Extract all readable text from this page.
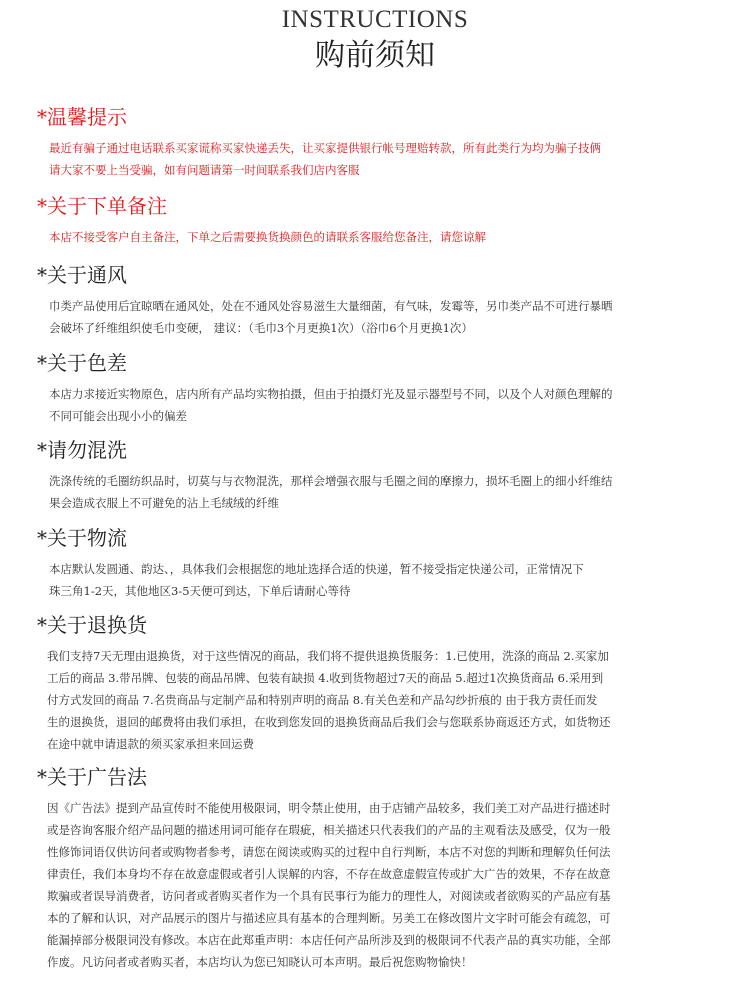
INSTRUCTIONS
购前须知
*温馨提示
最近有骗子通过电话联系买家谎称买家快递丢失，让买家提供银行帐号理赔转款，所有此类行为均为骗子技俩
请大家不要上当受骗，如有问题请第一时间联系我们店内客服
*关于下单备注
本店不接受客户自主备注，下单之后需要换货换颜色的请联系客服给您备注，请您谅解
*关于通风
巾类产品使用后宜晾晒在通风处，处在不通风处容易滋生大量细菌，有气味，发霉等，另巾类产品不可进行暴晒
会破坏了纤维组织使毛巾变硬， 建议：（毛巾3个月更换1次）（浴巾6个月更换1次）
*关于色差
本店力求接近实物原色，店内所有产品均实物拍摄，但由于拍摄灯光及显示器型号不同，以及个人对颜色理解的
不同可能会出现小小的偏差
*请勿混洗
洗涤传统的毛圈纺织品时，切莫与与衣物混洗，那样会增强衣服与毛圈之间的摩擦力，损坏毛圈上的细小纤维结
果会造成衣服上不可避免的沾上毛绒绒的纤维
*关于物流
本店默认发圆通、韵达、，具体我们会根据您的地址选择合适的快递，暂不接受指定快递公司，正常情况下
珠三角1-2天，其他地区3-5天便可到达，下单后请耐心等待
*关于退换货
我们支持7天无理由退换货，对于这些情况的商品，我们将不提供退换货服务：1.已使用，洗涤的商品 2.买家加
工后的商品 3.带吊牌、包装的商品吊牌、包装有缺损 4.收到货物超过7天的商品 5.超过1次换货商品 6.采用到
付方式发回的商品 7.名贵商品与定制产品和特别声明的商品 8.有关色差和产品勾纱折痕的 由于我方责任而发
生的退换货，退回的邮费将由我们承担，在收到您发回的退换货商品后我们会与您联系协商返还方式，如货物还
在途中就申请退款的须买家承担来回运费
*关于广告法
因《广告法》提到产品宣传时不能使用极限词，明令禁止使用，由于店铺产品较多，我们美工对产品进行描述时
或是咨询客服介绍产品问题的描述用词可能存在瑕疵，相关描述只代表我们的产品的主观看法及感受，仅为一般
性修饰词语仅供访问者或购物者参考，请您在阅读或购买的过程中自行判断，本店不对您的判断和理解负任何法
律责任，我们本身均不存在故意虚假或者引人误解的内容，不存在故意虚假宣传或扩大广告的效果，不存在故意
欺骗或者误导消费者，访问者或者购买者作为一个具有民事行为能力的理性人，对阅读或者欲购买的产品应有基
本的了解和认识，对产品展示的图片与描述应具有基本的合理判断。另美工在修改图片文字时可能会有疏忽，可
能漏掉部分极限词没有修改。本店在此郑重声明：本店任何产品所涉及到的极限词不代表产品的真实功能，全部
作废。凡访问者或者购买者，本店均认为您已知晓认可本声明。最后祝您购物愉快！
